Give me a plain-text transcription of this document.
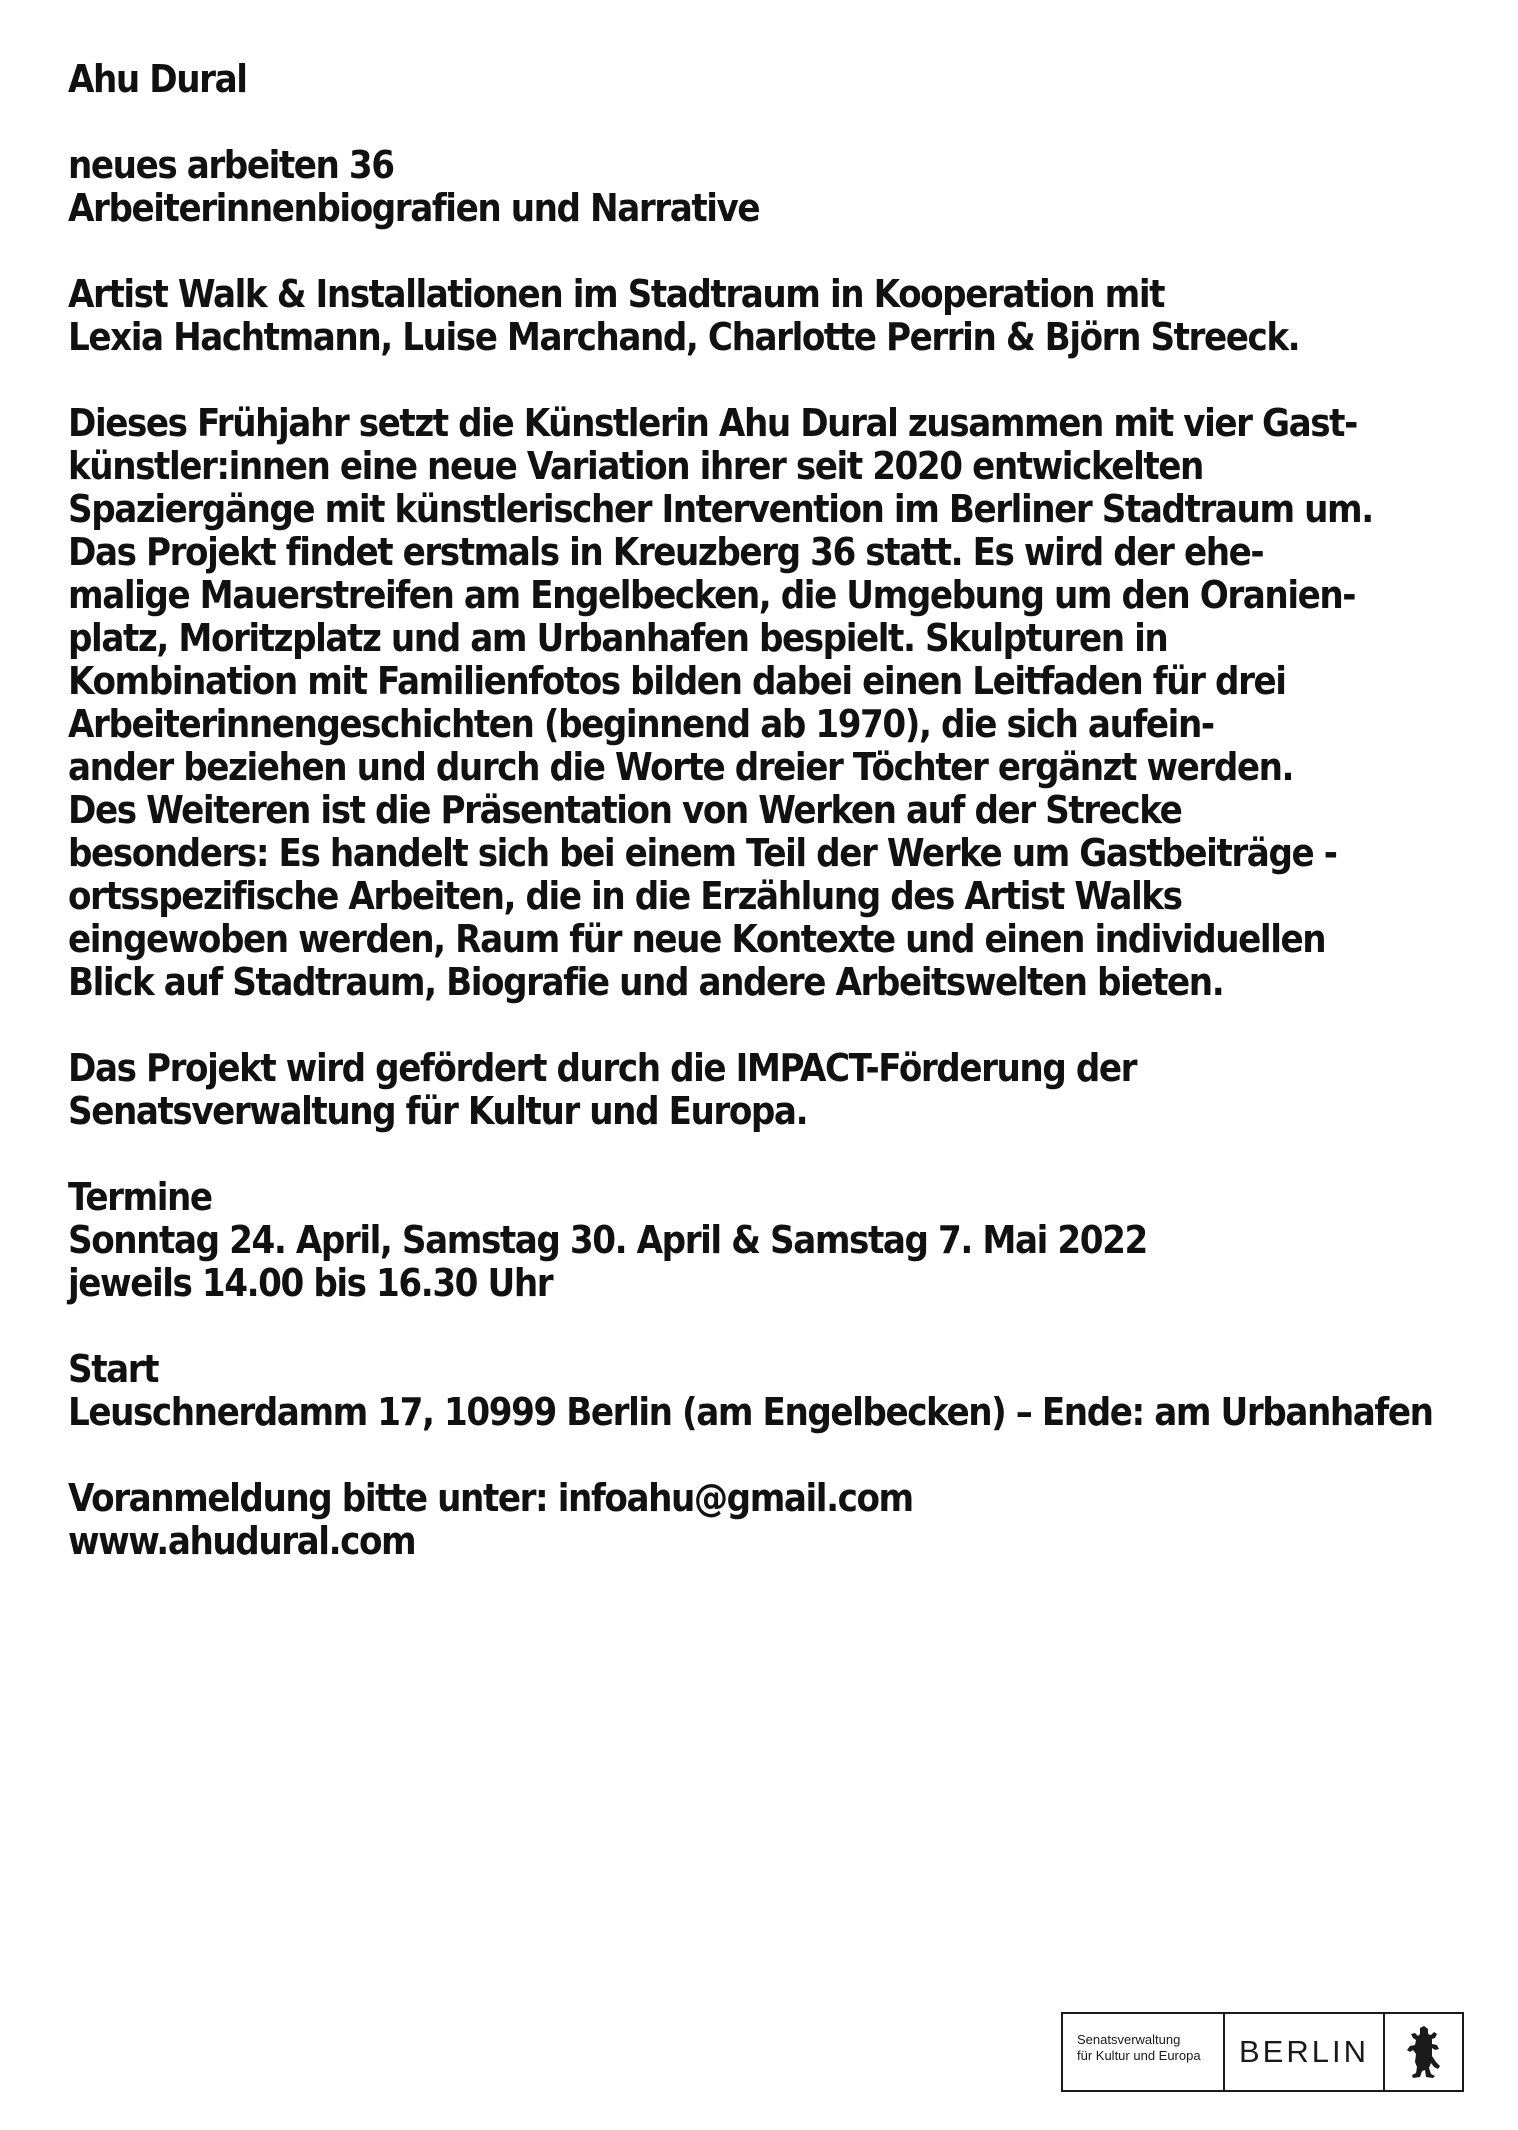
Ahu Dural
neues arbeiten 36
Arbeiterinnenbiografien und Narrative
Artist Walk & Installationen im Stadtraum in Kooperation mit
Lexia Hachtmann, Luise Marchand, Charlotte Perrin & Björn Streeck.
Dieses Frühjahr setzt die Künstlerin Ahu Dural zusammen mit vier Gast-
künstler:innen eine neue Variation ihrer seit 2020 entwickelten
Spaziergänge mit künstlerischer Intervention im Berliner Stadtraum um.
Das Projekt findet erstmals in Kreuzberg 36 statt. Es wird der ehe-
malige Mauerstreifen am Engelbecken, die Umgebung um den Oranien-
platz, Moritzplatz und am Urbanhafen bespielt. Skulpturen in
Kombination mit Familienfotos bilden dabei einen Leitfaden für drei
Arbeiterinnengeschichten (beginnend ab 1970), die sich aufein-
ander beziehen und durch die Worte dreier Töchter ergänzt werden.
Des Weiteren ist die Präsentation von Werken auf der Strecke
besonders: Es handelt sich bei einem Teil der Werke um Gastbeiträge -
ortsspezifische Arbeiten, die in die Erzählung des Artist Walks
eingewoben werden, Raum für neue Kontexte und einen individuellen
Blick auf Stadtraum, Biografie und andere Arbeitswelten bieten.
Das Projekt wird gefördert durch die IMPACT-Förderung der
Senatsverwaltung für Kultur und Europa.
Termine
Sonntag 24. April, Samstag 30. April & Samstag 7. Mai 2022
jeweils 14.00 bis 16.30 Uhr
Start
Leuschnerdamm 17, 10999 Berlin (am Engelbecken) – Ende: am Urbanhafen
Voranmeldung bitte unter: infoahu@gmail.com
www.ahudural.com
Senatsverwaltung
für Kultur und Europa	BERLIN
